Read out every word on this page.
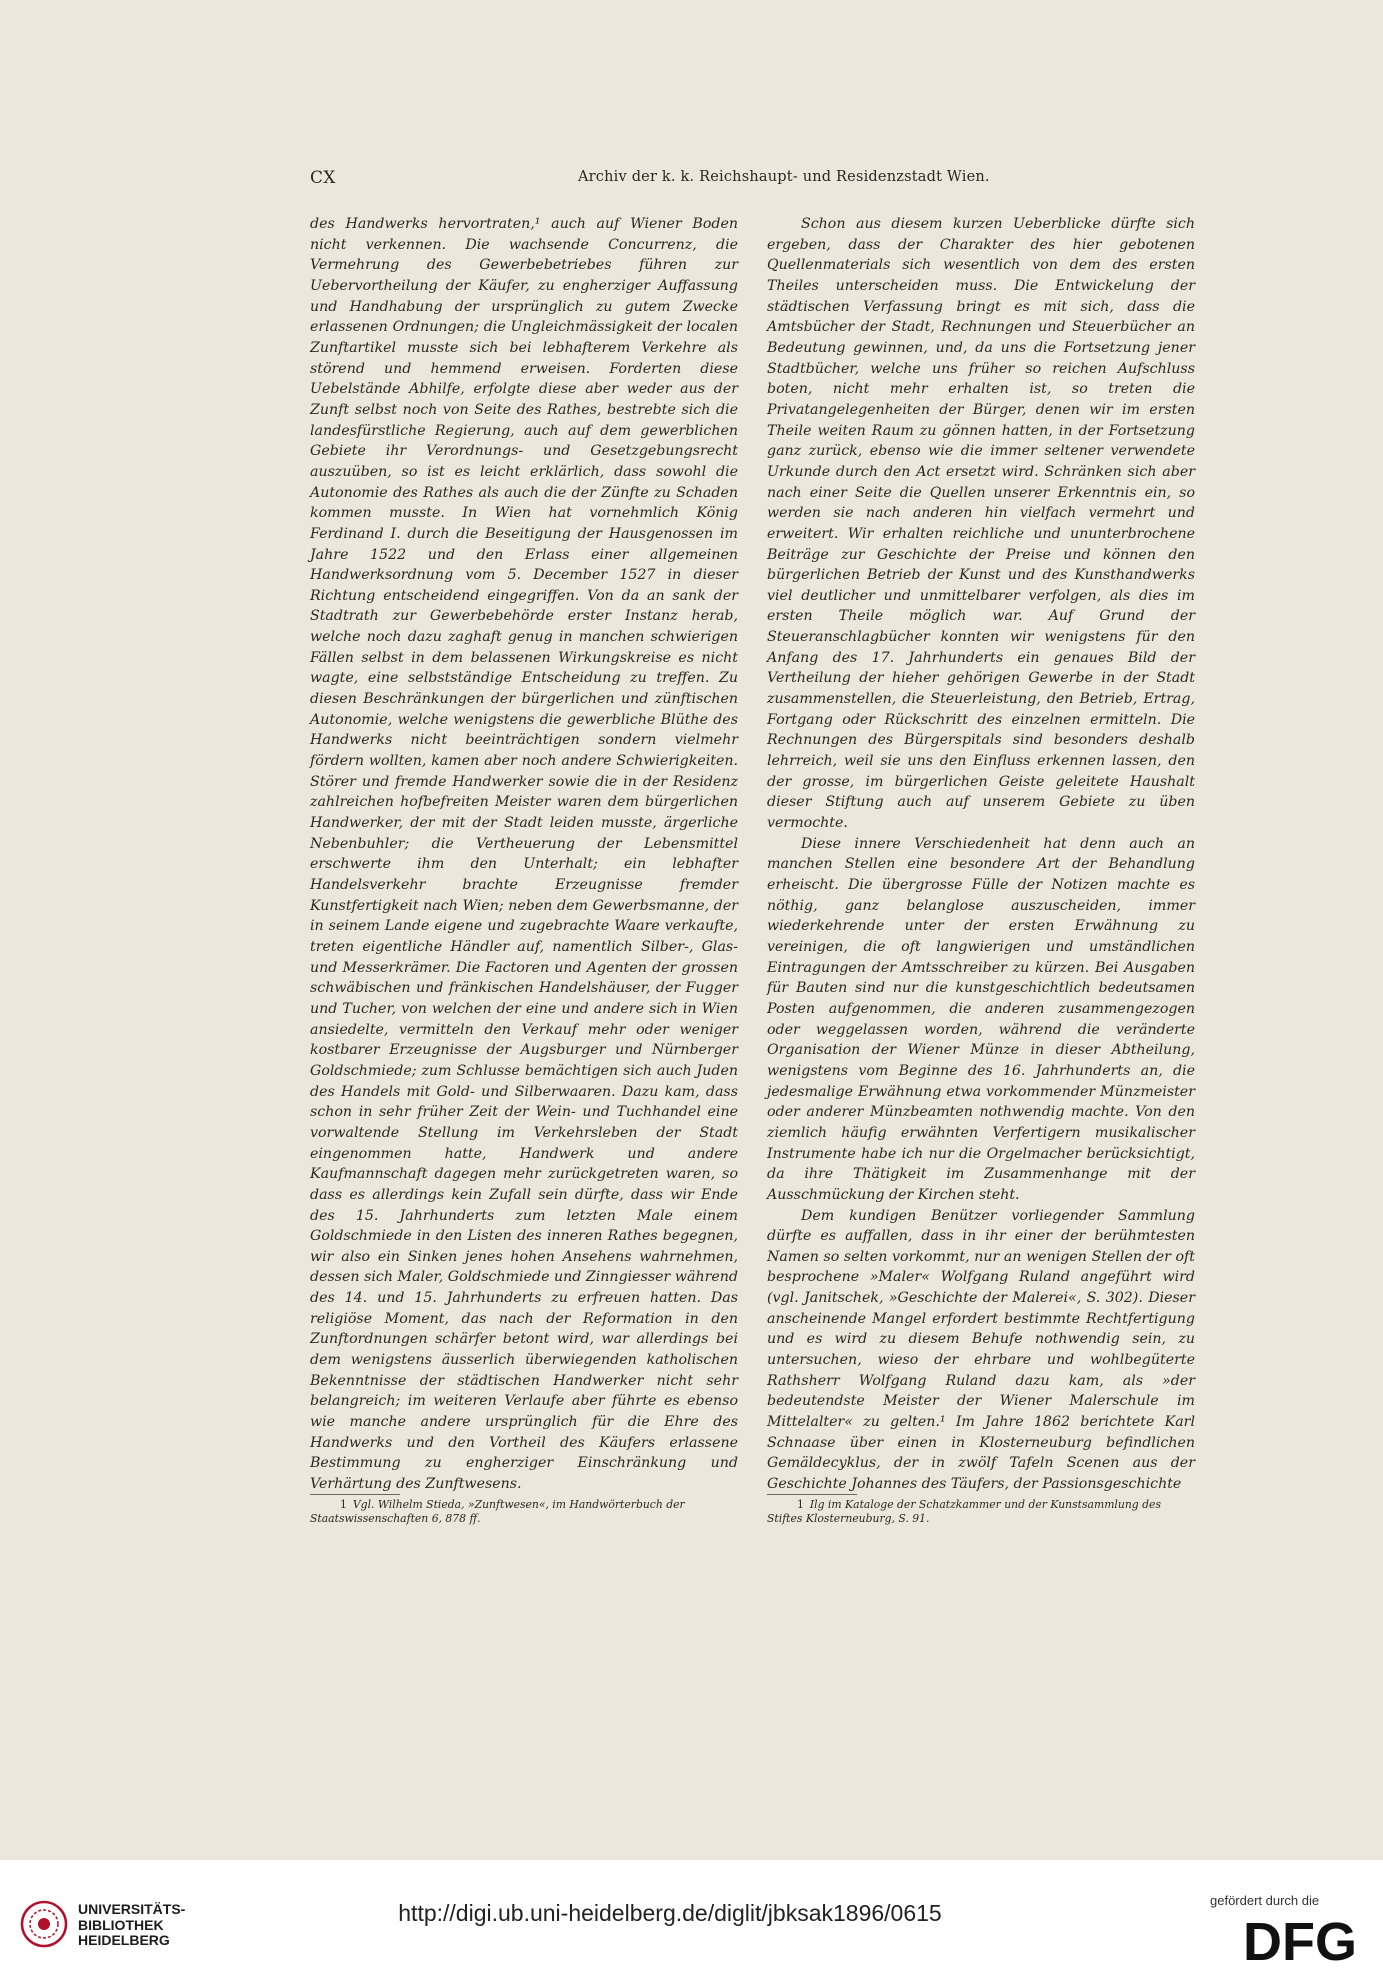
CX	Archiv der k. k. Reichshaupt- und Residenzstadt Wien.

des Handwerks hervortraten,¹ auch auf Wiener Boden nicht verkennen. Die wachsende Concurrenz, die Vermehrung des Gewerbebetriebes führen zur Uebervortheilung der Käufer, zu engherziger Auffassung und Handhabung der ursprünglich zu gutem Zwecke erlassenen Ordnungen; die Ungleichmässigkeit der localen Zunftartikel musste sich bei lebhafterem Verkehre als störend und hemmend erweisen. Forderten diese Uebelstände Abhilfe, erfolgte diese aber weder aus der Zunft selbst noch von Seite des Rathes, bestrebte sich die landesfürstliche Regierung, auch auf dem gewerblichen Gebiete ihr Verordnungs- und Gesetzgebungsrecht auszuüben, so ist es leicht erklärlich, dass sowohl die Autonomie des Rathes als auch die der Zünfte zu Schaden kommen musste. In Wien hat vornehmlich König Ferdinand I. durch die Beseitigung der Hausgenossen im Jahre 1522 und den Erlass einer allgemeinen Handwerksordnung vom 5. December 1527 in dieser Richtung entscheidend eingegriffen. Von da an sank der Stadtrath zur Gewerbebehörde erster Instanz herab, welche noch dazu zaghaft genug in manchen schwierigen Fällen selbst in dem belassenen Wirkungskreise es nicht wagte, eine selbstständige Entscheidung zu treffen. Zu diesen Beschränkungen der bürgerlichen und zünftischen Autonomie, welche wenigstens die gewerbliche Blüthe des Handwerks nicht beeinträchtigen sondern vielmehr fördern wollten, kamen aber noch andere Schwierigkeiten. Störer und fremde Handwerker sowie die in der Residenz zahlreichen hofbefreiten Meister waren dem bürgerlichen Handwerker, der mit der Stadt leiden musste, ärgerliche Nebenbuhler; die Vertheuerung der Lebensmittel erschwerte ihm den Unterhalt; ein lebhafter Handelsverkehr brachte Erzeugnisse fremder Kunstfertigkeit nach Wien; neben dem Gewerbsmanne, der in seinem Lande eigene und zugebrachte Waare verkaufte, treten eigentliche Händler auf, namentlich Silber-, Glas- und Messerkrämer. Die Factoren und Agenten der grossen schwäbischen und fränkischen Handelshäuser, der Fugger und Tucher, von welchen der eine und andere sich in Wien ansiedelte, vermitteln den Verkauf mehr oder weniger kostbarer Erzeugnisse der Augsburger und Nürnberger Goldschmiede; zum Schlusse bemächtigen sich auch Juden des Handels mit Gold- und Silberwaaren. Dazu kam, dass schon in sehr früher Zeit der Wein- und Tuchhandel eine vorwaltende Stellung im Verkehrsleben der Stadt eingenommen hatte, Handwerk und andere Kaufmannschaft dagegen mehr zurückgetreten waren, so dass es allerdings kein Zufall sein dürfte, dass wir Ende des 15. Jahrhunderts zum letzten Male einem Goldschmiede in den Listen des inneren Rathes begegnen, wir also ein Sinken jenes hohen Ansehens wahrnehmen, dessen sich Maler, Goldschmiede und Zinngiesser während des 14. und 15. Jahrhunderts zu erfreuen hatten. Das religiöse Moment, das nach der Reformation in den Zunftordnungen schärfer betont wird, war allerdings bei dem wenigstens äusserlich überwiegenden katholischen Bekenntnisse der städtischen Handwerker nicht sehr belangreich; im weiteren Verlaufe aber führte es ebenso wie manche andere ursprünglich für die Ehre des Handwerks und den Vortheil des Käufers erlassene Bestimmung zu engherziger Einschränkung und Verhärtung des Zunftwesens.

Schon aus diesem kurzen Ueberblicke dürfte sich ergeben, dass der Charakter des hier gebotenen Quellenmaterials sich wesentlich von dem des ersten Theiles unterscheiden muss. Die Entwickelung der städtischen Verfassung bringt es mit sich, dass die Amtsbücher der Stadt, Rechnungen und Steuerbücher an Bedeutung gewinnen, und, da uns die Fortsetzung jener Stadtbücher, welche uns früher so reichen Aufschluss boten, nicht mehr erhalten ist, so treten die Privatangelegenheiten der Bürger, denen wir im ersten Theile weiten Raum zu gönnen hatten, in der Fortsetzung ganz zurück, ebenso wie die immer seltener verwendete Urkunde durch den Act ersetzt wird. Schränken sich aber nach einer Seite die Quellen unserer Erkenntnis ein, so werden sie nach anderen hin vielfach vermehrt und erweitert. Wir erhalten reichliche und ununterbrochene Beiträge zur Geschichte der Preise und können den bürgerlichen Betrieb der Kunst und des Kunsthandwerks viel deutlicher und unmittelbarer verfolgen, als dies im ersten Theile möglich war. Auf Grund der Steueranschlagbücher konnten wir wenigstens für den Anfang des 17. Jahrhunderts ein genaues Bild der Vertheilung der hieher gehörigen Gewerbe in der Stadt zusammenstellen, die Steuerleistung, den Betrieb, Ertrag, Fortgang oder Rückschritt des einzelnen ermitteln. Die Rechnungen des Bürgerspitals sind besonders deshalb lehrreich, weil sie uns den Einfluss erkennen lassen, den der grosse, im bürgerlichen Geiste geleitete Haushalt dieser Stiftung auch auf unserem Gebiete zu üben vermochte.

Diese innere Verschiedenheit hat denn auch an manchen Stellen eine besondere Art der Behandlung erheischt. Die übergrosse Fülle der Notizen machte es nöthig, ganz belanglose auszuscheiden, immer wiederkehrende unter der ersten Erwähnung zu vereinigen, die oft langwierigen und umständlichen Eintragungen der Amtsschreiber zu kürzen. Bei Ausgaben für Bauten sind nur die kunstgeschichtlich bedeutsamen Posten aufgenommen, die anderen zusammengezogen oder weggelassen worden, während die veränderte Organisation der Wiener Münze in dieser Abtheilung, wenigstens vom Beginne des 16. Jahrhunderts an, die jedesmalige Erwähnung etwa vorkommender Münzmeister oder anderer Münzbeamten nothwendig machte. Von den ziemlich häufig erwähnten Verfertigern musikalischer Instrumente habe ich nur die Orgelmacher berücksichtigt, da ihre Thätigkeit im Zusammenhange mit der Ausschmückung der Kirchen steht.

Dem kundigen Benützer vorliegender Sammlung dürfte es auffallen, dass in ihr einer der berühmtesten Namen so selten vorkommt, nur an wenigen Stellen der oft besprochene »Maler« Wolfgang Ruland angeführt wird (vgl. Janitschek, »Geschichte der Malerei«, S. 302). Dieser anscheinende Mangel erfordert bestimmte Rechtfertigung und es wird zu diesem Behufe nothwendig sein, zu untersuchen, wieso der ehrbare und wohlbegüterte Rathsherr Wolfgang Ruland dazu kam, als »der bedeutendste Meister der Wiener Malerschule im Mittelalter« zu gelten.¹ Im Jahre 1862 berichtete Karl Schnaase über einen in Klosterneuburg befindlichen Gemäldecyklus, der in zwölf Tafeln Scenen aus der Geschichte Johannes des Täufers, der Passionsgeschichte

1 Vgl. Wilhelm Stieda, »Zunftwesen«, im Handwörterbuch der Staatswissenschaften 6, 878 ff.
1 Ilg im Kataloge der Schatzkammer und der Kunstsammlung des Stiftes Klosterneuburg, S. 91.
UNIVERSITÄTS-
BIBLIOTHEK
HEIDELBERG
http://digi.ub.uni-heidelberg.de/diglit/jbksak1896/0615	gefördert durch die
DFG
